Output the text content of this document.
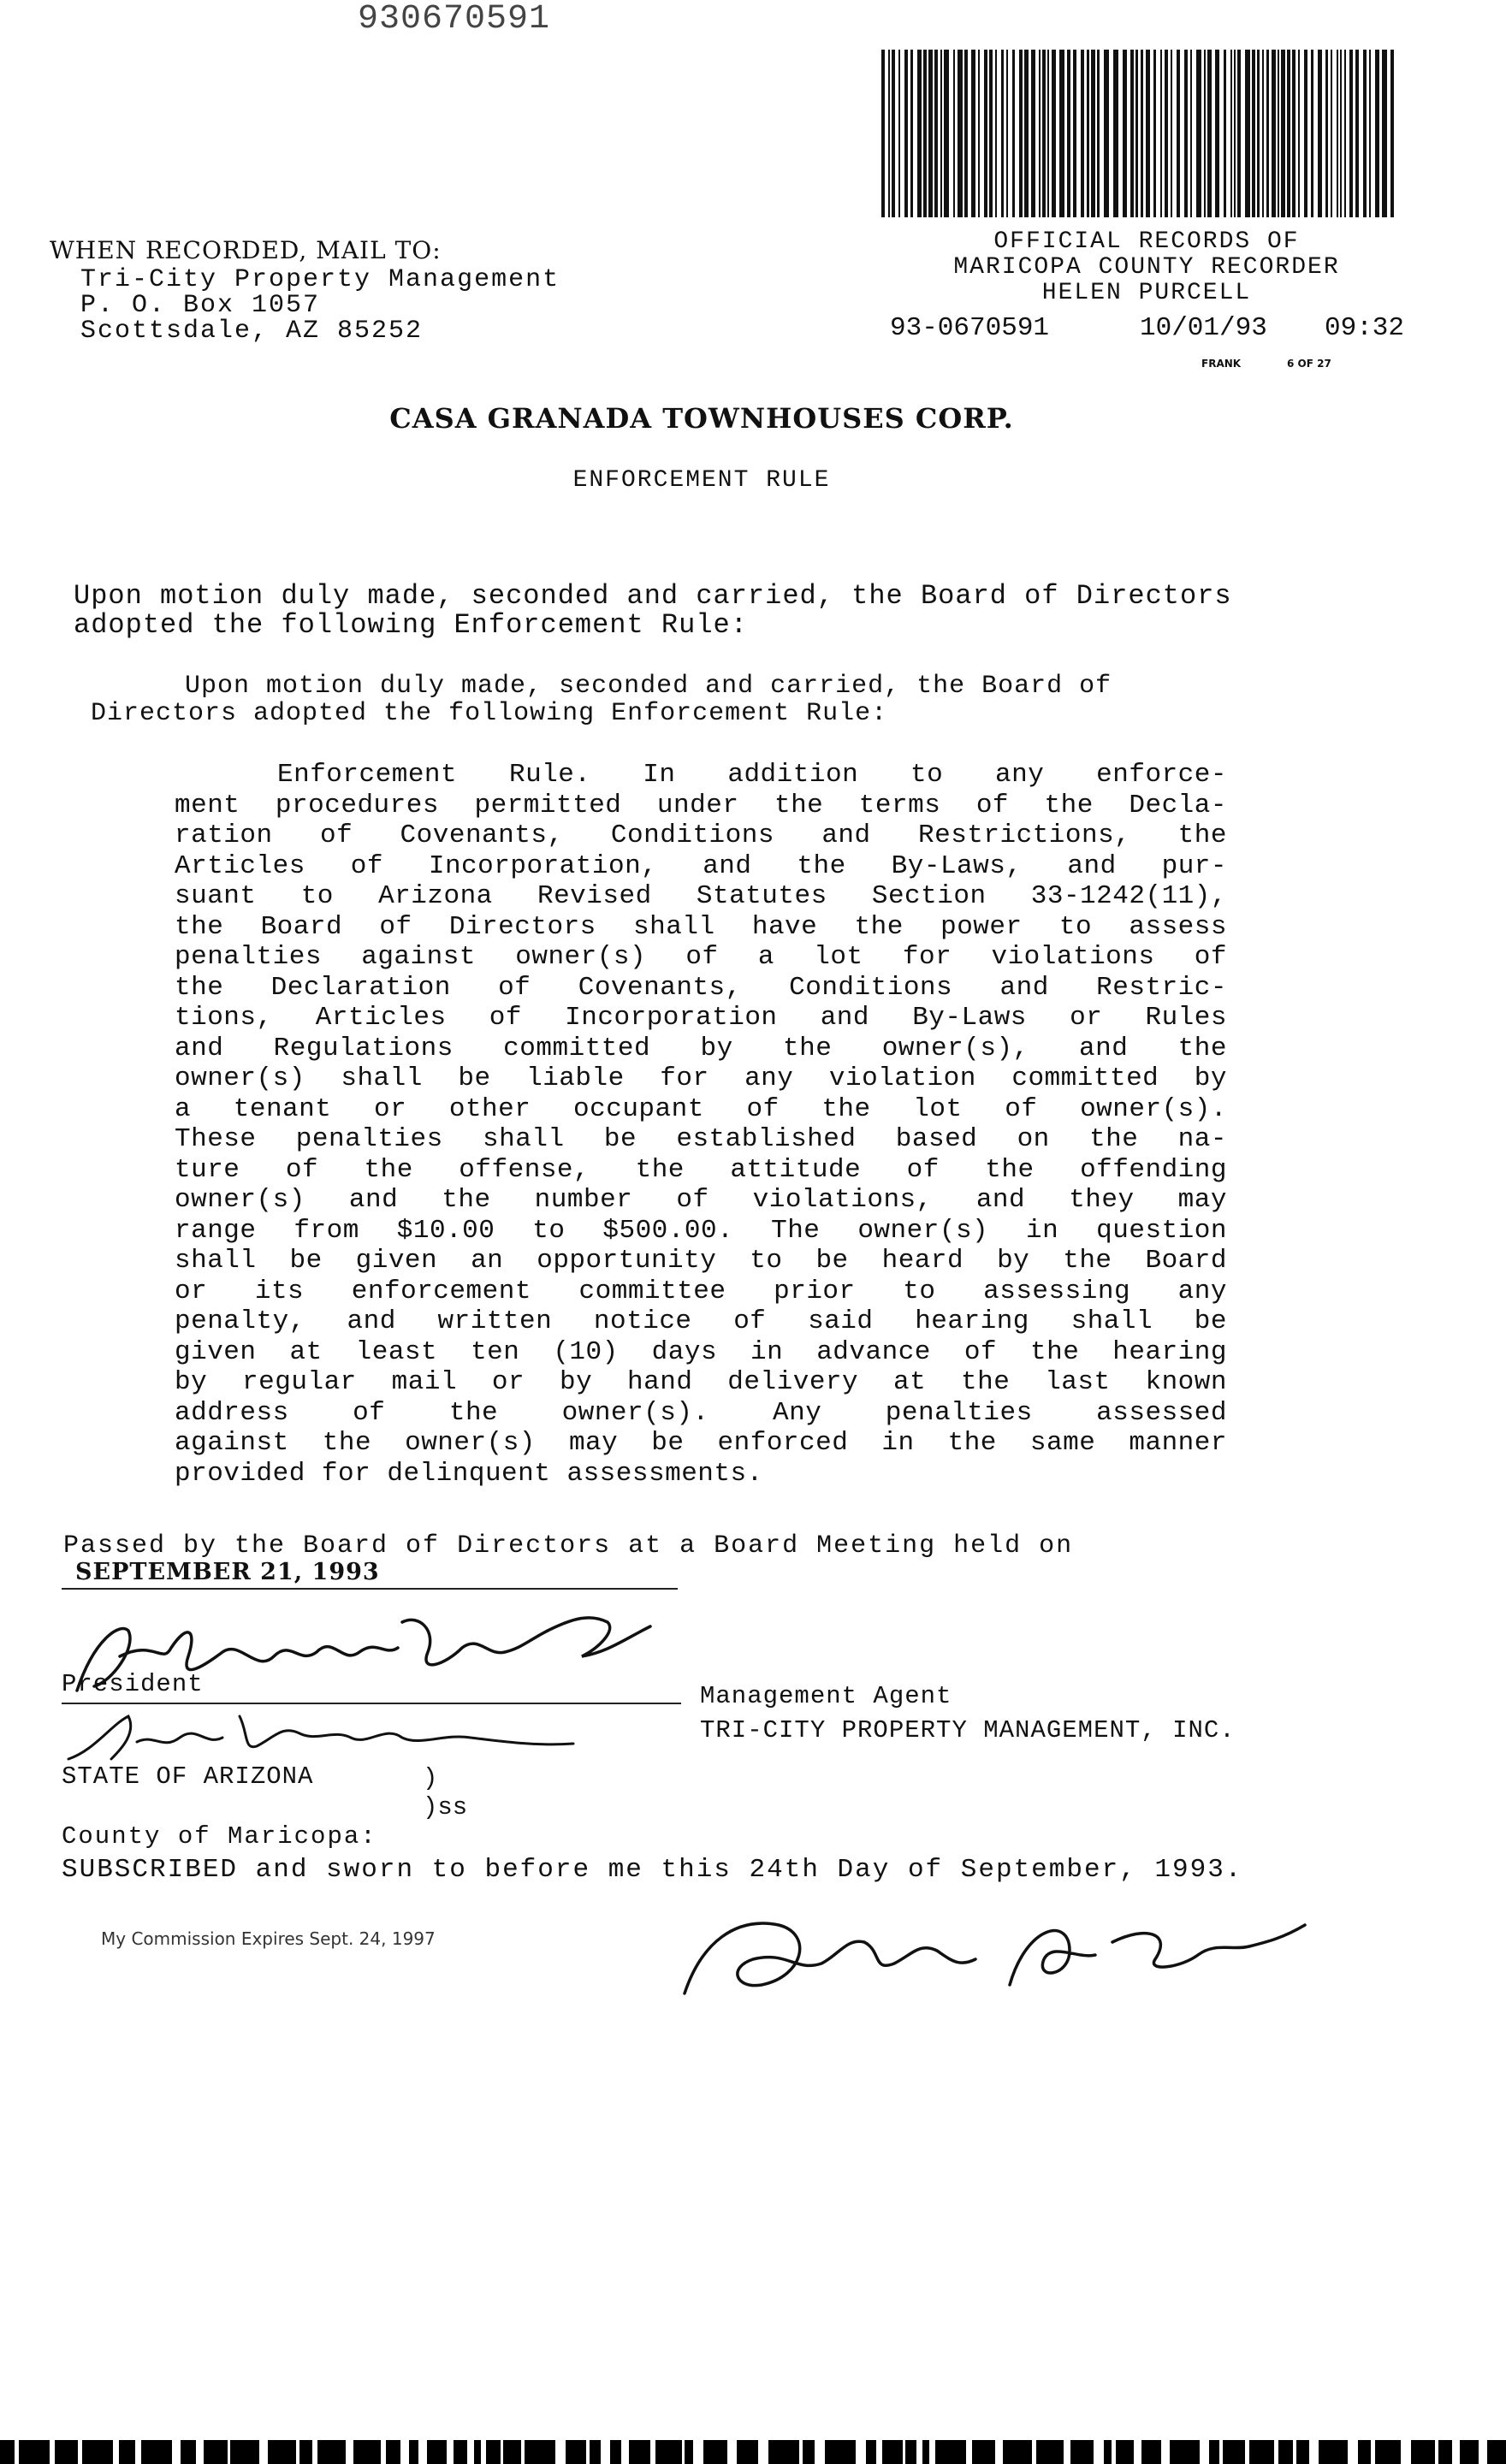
930670591
OFFICIAL RECORDS OF
MARICOPA COUNTY RECORDER
HELEN PURCELL
93-0670591	10/01/93 09:32
FRANK	6 OF 27
WHEN RECORDED, MAIL TO:
Tri-City Property Management
P. O. Box 1057
Scottsdale, AZ 85252
CASA GRANADA TOWNHOUSES CORP.
ENFORCEMENT RULE
Upon motion duly made, seconded and carried, the Board of Directors adopted the following Enforcement Rule:
Upon motion duly made, seconded and carried, the Board of
Directors adopted the following Enforcement Rule:
Enforcement Rule. In addition to any enforce-
ment procedures permitted under the terms of the Decla-
ration of Covenants, Conditions and Restrictions, the
Articles of Incorporation, and the By-Laws, and pur-
suant to Arizona Revised Statutes Section 33-1242(11),
the Board of Directors shall have the power to assess
penalties against owner(s) of a lot for violations of
the Declaration of Covenants, Conditions and Restric-
tions, Articles of Incorporation and By-Laws or Rules
and Regulations committed by the owner(s), and the
owner(s) shall be liable for any violation committed by
a tenant or other occupant of the lot of owner(s).
These penalties shall be established based on the na-
ture of the offense, the attitude of the offending
owner(s) and the number of violations, and they may
range from $10.00 to $500.00. The owner(s) in question
shall be given an opportunity to be heard by the Board
or its enforcement committee prior to assessing any
penalty, and written notice of said hearing shall be
given at least ten (10) days in advance of the hearing
by regular mail or by hand delivery at the last known
address of the owner(s). Any penalties assessed
against the owner(s) may be enforced in the same manner
provided for delinquent assessments.
Passed by the Board of Directors at a Board Meeting held on
SEPTEMBER 21, 1993
President	Management Agent
TRI-CITY PROPERTY MANAGEMENT, INC.
STATE OF ARIZONA	)
)ss
County of Maricopa:
SUBSCRIBED and sworn to before me this 24th Day of September, 1993.
My Commission Expires Sept. 24, 1997
